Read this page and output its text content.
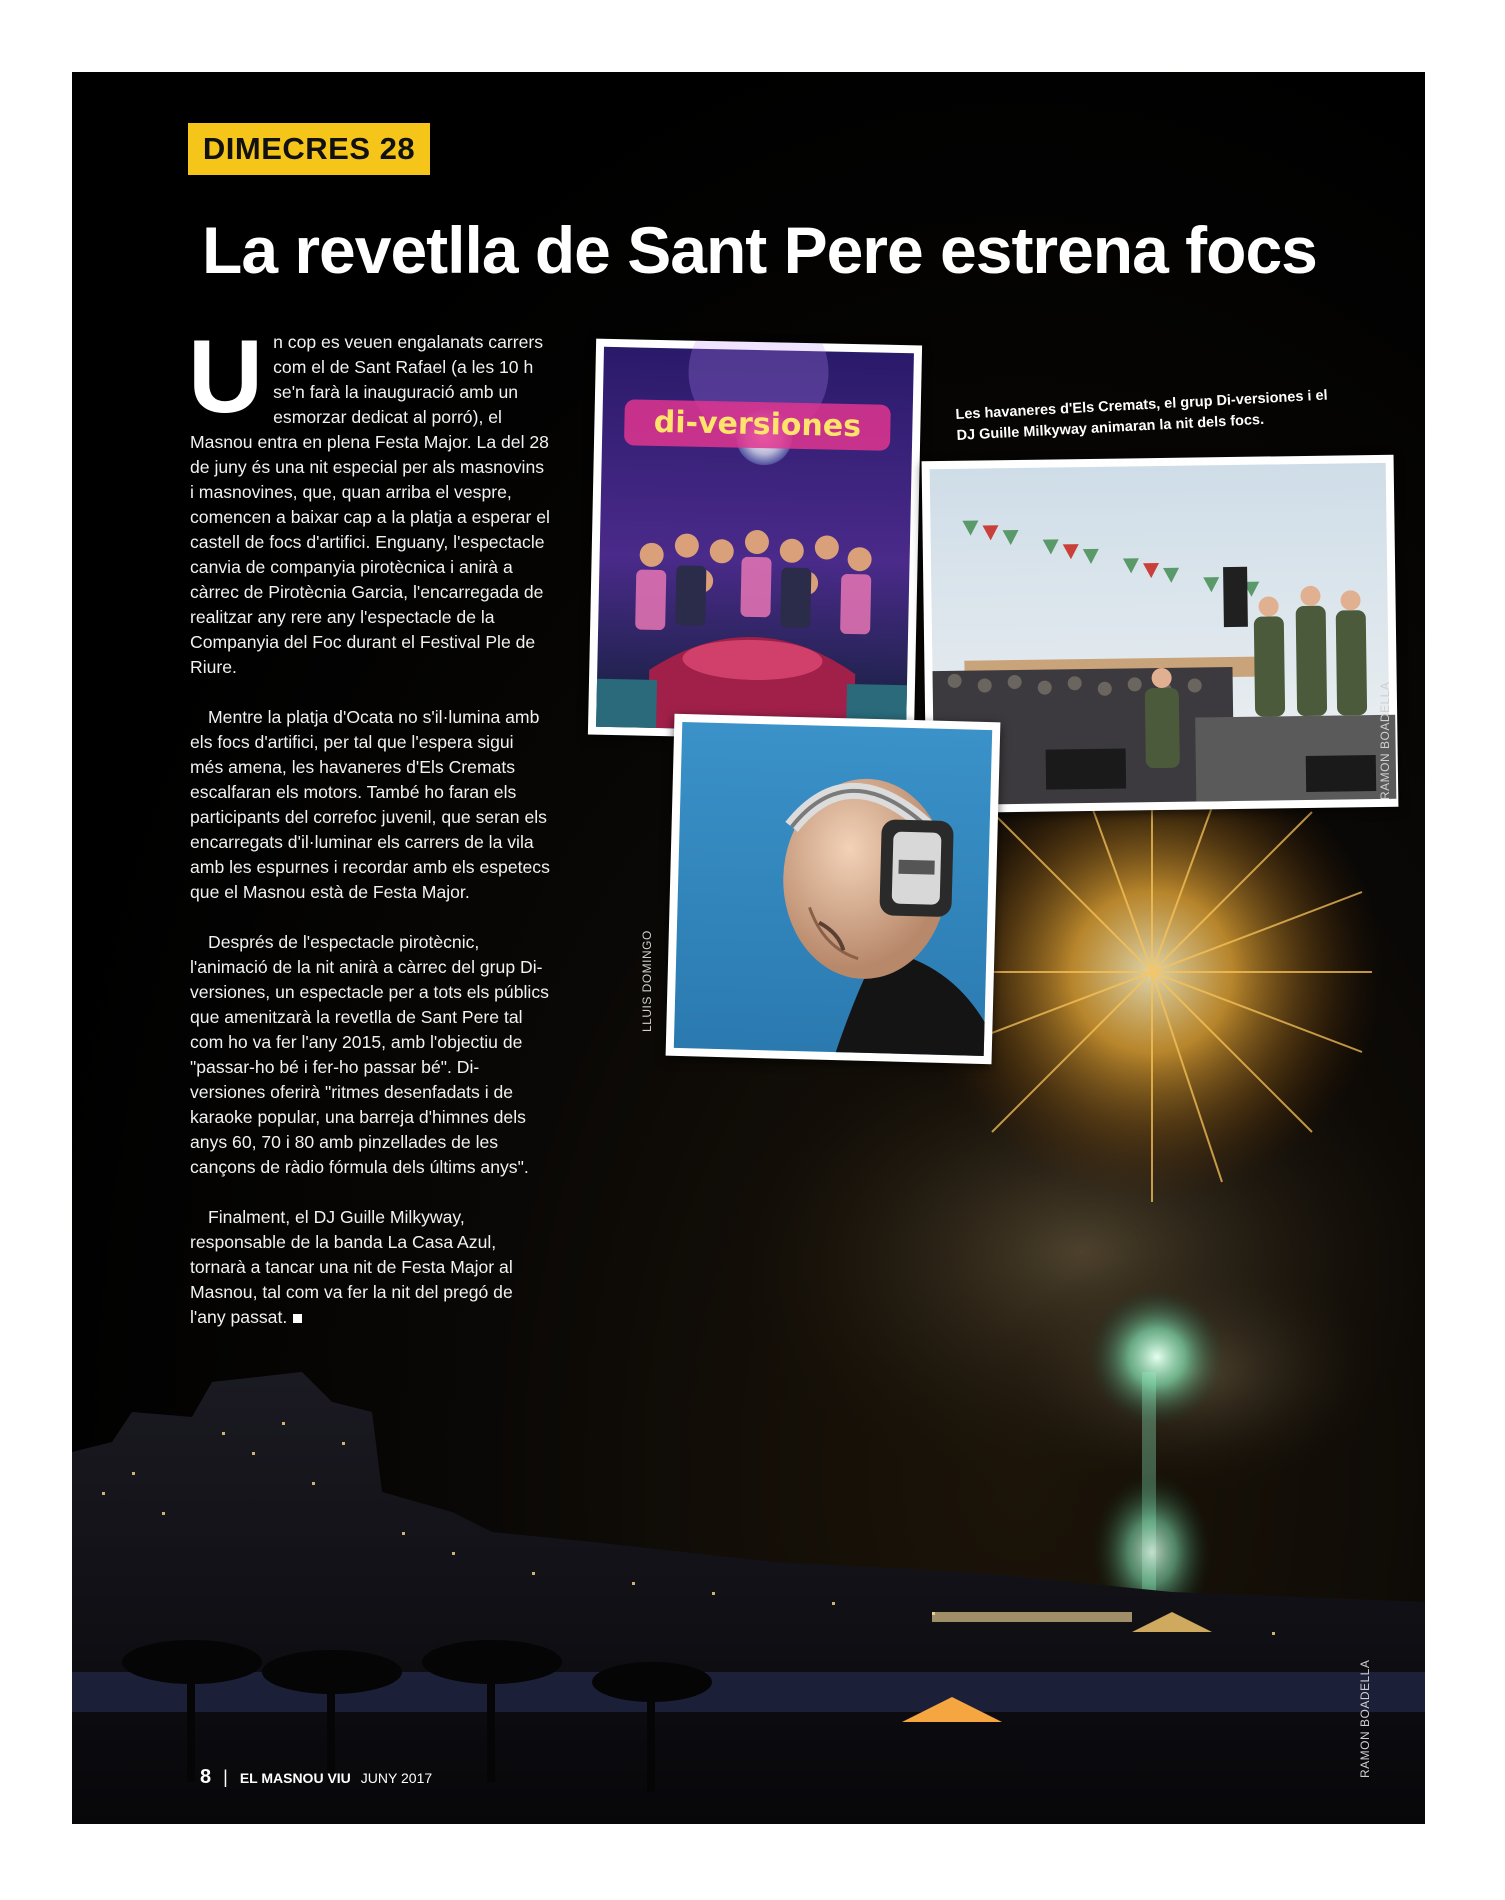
DIMECRES 28
La revetlla de Sant Pere estrena focs

Un cop es veuen engalanats carrers com el de Sant Rafael (a les 10 h se'n farà la inauguració amb un esmorzar dedicat al porró), el Masnou entra en plena Festa Major. La del 28 de juny és una nit especial per als masnovins i masnovines, que, quan arriba el vespre, comencen a baixar cap a la platja a esperar el castell de focs d'artifici. Enguany, l'espectacle canvia de companyia pirotècnica i anirà a càrrec de Pirotècnia Garcia, l'encarregada de realitzar any rere any l'espectacle de la Companyia del Foc durant el Festival Ple de Riure.

Mentre la platja d'Ocata no s'il·lumina amb els focs d'artifici, per tal que l'espera sigui més amena, les havaneres d'Els Cremats escalfaran els motors. També ho faran els participants del correfoc juvenil, que seran els encarregats d'il·luminar els carrers de la vila amb les espurnes i recordar amb els espetecs que el Masnou està de Festa Major.

Després de l'espectacle pirotècnic, l'animació de la nit anirà a càrrec del grup Di-versiones, un espectacle per a tots els públics que amenitzarà la revetlla de Sant Pere tal com ho va fer l'any 2015, amb l'objectiu de "passar-ho bé i fer-ho passar bé". Di-versiones oferirà "ritmes desenfadats i de karaoke popular, una barreja d'himnes dels anys 60, 70 i 80 amb pinzellades de les cançons de ràdio fórmula dels últims anys".

Finalment, el DJ Guille Milkyway, responsable de la banda La Casa Azul, tornarà a tancar una nit de Festa Major al Masnou, tal com va fer la nit del pregó de l'any passat.

di-versiones	Les havaneres d'Els Cremats, el grup Di-versiones i el DJ Guille Milkyway animaran la nit dels focs.
RAMON BOADELLA
LLUIS DOMINGO
RAMON BOADELLA
8 | EL MASNOU VIU JUNY 2017
